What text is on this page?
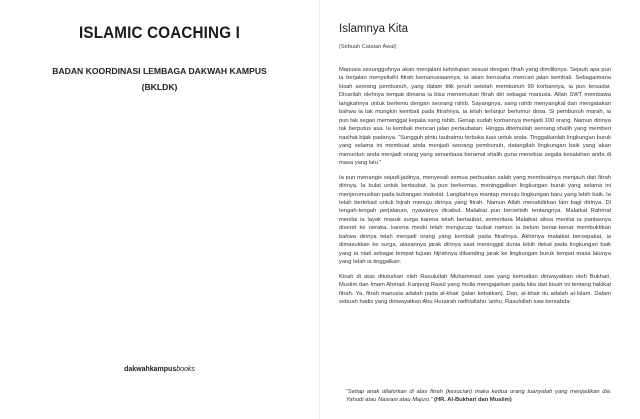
ISLAMIC COACHING I
BADAN KOORDINASI LEMBAGA DAKWAH KAMPUS
(BKLDK)
dakwahkampusbooks
Islamnya Kita
(Sebuah Catatan Awal)

Manusia sesungguhnya akan menjalani kehidupan sesuai dengan fitrah yang dimilikinya. Sejauh apa pun ia berjalan menyelisihi fitrah kemanusiaannya, ia akan berusaha mencari jalan kembali. Sebagaimana kisah seorang pembunuh, yang dalam titik jenuh setelah membunuh 99 korbannya, ia pun tersadar. Dicarilah olehnya tempat dimana ia bisa menemukan fitrah diri sebagai manusia. Allah SWT membawa langkahnya untuk bertemu dengan seorang rahib. Sayangnya, sang rahib menyangkal dan mengatakan bahwa ia tak mungkin kembali pada fitrahnya, ia telah terlanjur berlumur dosa. Si pembunuh marah, ia pun tak segan memenggal kepala sang rahib. Genap sudah korbannya menjadi 100 orang. Namun dirinya tak berputus asa. Ia kembali mencari jalan pertaubatan. Hingga ditemuilah seorang shalih yang memberi nasihat bijak padanya. “Sungguh pintu taubatmu terbuka luas untuk anda. Tinggalkanlah lingkungan buruk yang selama ini membuat anda menjadi seorang pembunuh, datangilah lingkungan baik yang akan menuntun anda menjadi orang yang senantiasa beramal shalih guna menebus segala kesalahan anda di masa yang lalu.”

Ia pun menangis sejadi-jadinya, menyesali semua perbuatan salah yang membuatnya menjauh dari fitrah dirinya. Ia bulat untuk bertaubat. Ia pun berkemas, meninggalkan lingkungan buruk yang selama ini menjerumuskan pada kubangan maksiat. Langkahnya mantap menuju lingkungan baru yang lebih baik. Ia telah bertekad untuk hijrah menuju dirinya yang fitrah. Namun Allah menakdirkan lain bagi dirinya. Di tengah-tengah perjalanan, nyawanya dicabut. Malaikat pun berselisih tentangnya. Malaikat Rahmat menilai ia layak masuk surga karena telah bertaubat, sementara Malaikat siksa menilai ia pantasnya diseret ke neraka, karena meski telah mengucap taubat namun ia belum benar-benar membuktikan bahwa dirinya telah menjadi orang yang kembali pada fitrahnya. Akhirnya malaikat bersepakat, ia dimasukkan ke surga, alasannya jarak dirinya saat meninggal dunia lebih dekat pada lingkungan baik yang ia niati sebagai tempat tujuan hijrahnya dibanding jarak ke lingkungan buruk tempat masa lalunya yang telah ia tinggalkan.

Kisah di atas dituturkan oleh Rasulullah Muhammad saw yang kemudian diriwayatkan oleh Bukhari, Muslim dan Imam Ahmad. Kanjeng Rasul yang mulia mengajarkan pada kita dari kisah ini tentang hakikat fitrah. Ya, fitrah manusia adalah pada al-khair (jalan kebaikan). Dan, al-khair itu adalah al-Islam. Dalam sebuah hadis yang diriwayatkan Abu Hurairah radhiallahu ‘anhu, Rasulullah saw bersabda:

“Setiap anak dilahirkan di atas fitrah (kesucian) maka kedua orang tuanyalah yang menjadikan dia Yahudi atau Nasrani atau Majusi.” (HR. Al-Bukhari dan Muslim)
